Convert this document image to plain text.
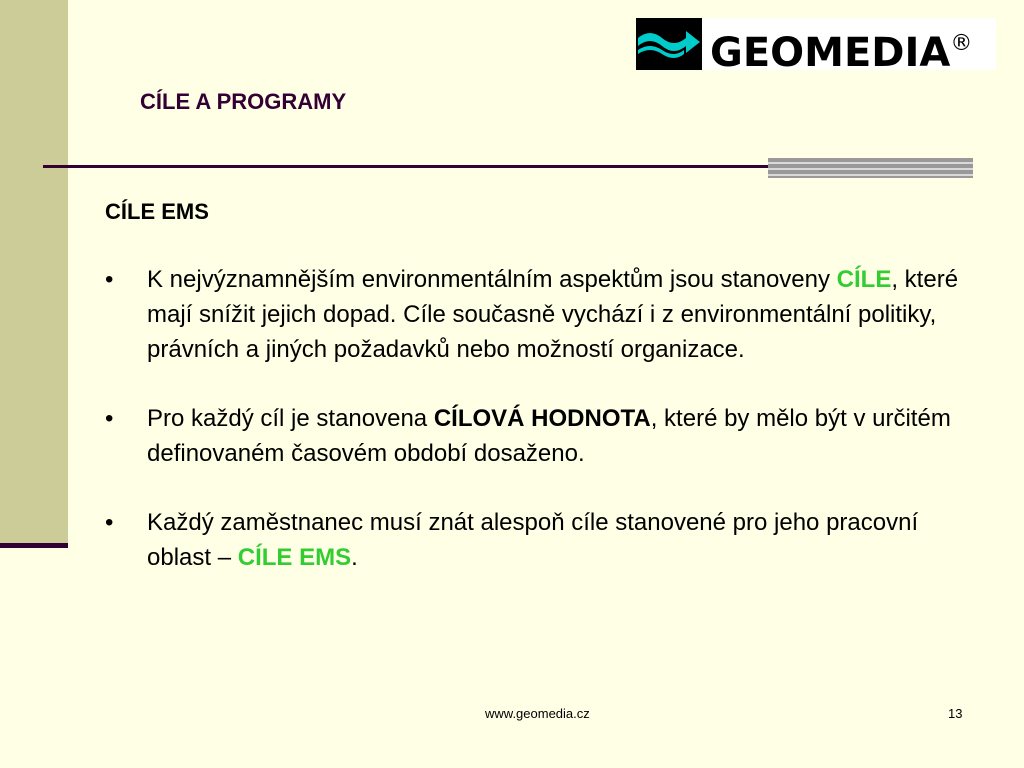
GEOMEDIA®
CÍLE A PROGRAMY
CÍLE EMS
• K nejvýznamnějším environmentálním aspektům jsou stanoveny CÍLE, které mají snížit jejich dopad. Cíle současně vychází i z environmentální politiky, právních a jiných požadavků nebo možností organizace.
• Pro každý cíl je stanovena CÍLOVÁ HODNOTA, které by mělo být v určitém definovaném časovém období dosaženo.
• Každý zaměstnanec musí znát alespoň cíle stanovené pro jeho pracovní oblast – CÍLE EMS.
www.geomedia.cz	13
